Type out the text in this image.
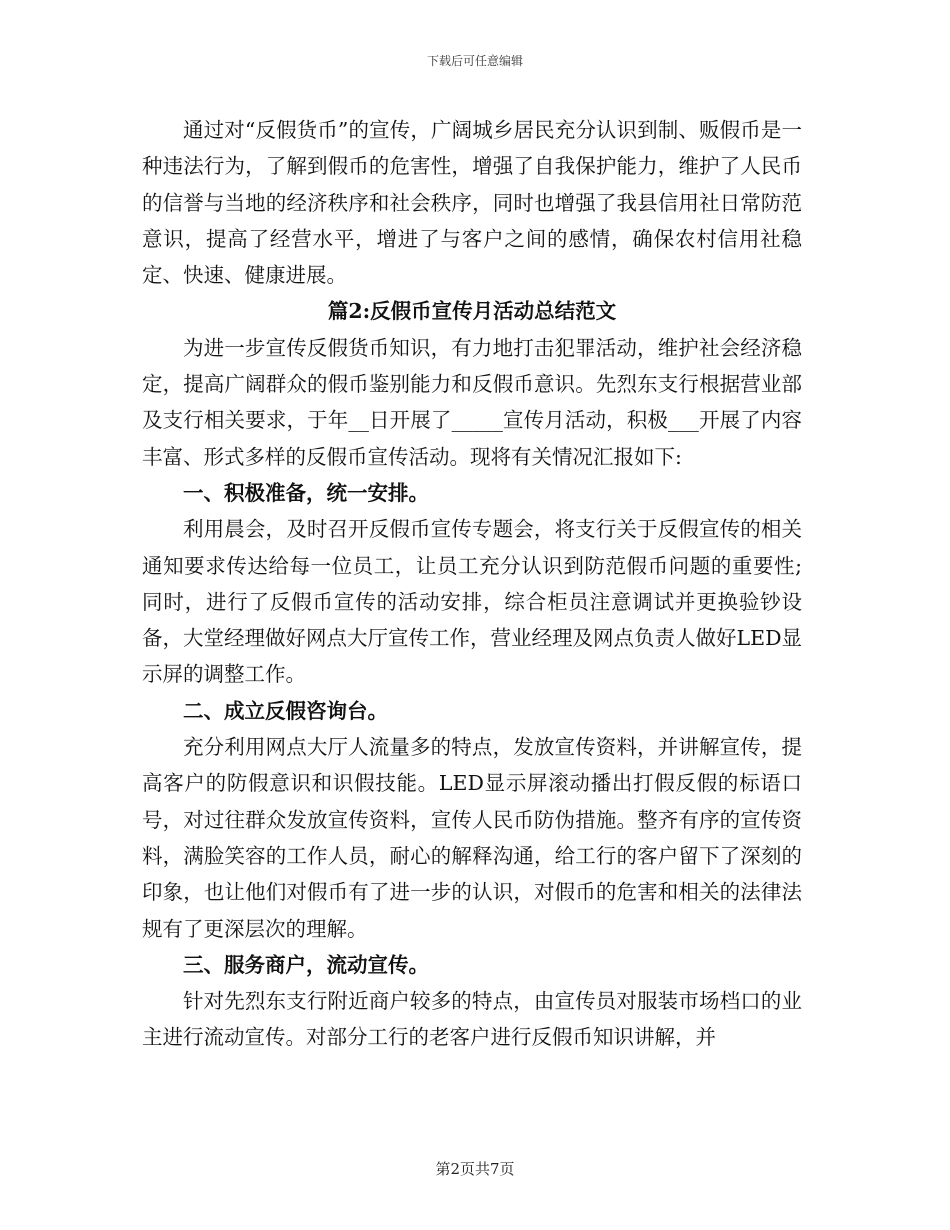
下载后可任意编辑

通过对“反假货币”的宣传，广阔城乡居民充分认识到制、贩假币是一种违法行为，了解到假币的危害性，增强了自我保护能力，维护了人民币的信誉与当地的经济秩序和社会秩序，同时也增强了我县信用社日常防范意识，提高了经营水平，增进了与客户之间的感情，确保农村信用社稳定、快速、健康进展。

篇2:反假币宣传月活动总结范文

为进一步宣传反假货币知识，有力地打击犯罪活动，维护社会经济稳定，提高广阔群众的假币鉴别能力和反假币意识。先烈东支行根据营业部及支行相关要求，于年__日开展了_____宣传月活动，积极___开展了内容丰富、形式多样的反假币宣传活动。现将有关情况汇报如下:

一、积极准备，统一安排。

利用晨会，及时召开反假币宣传专题会，将支行关于反假宣传的相关通知要求传达给每一位员工，让员工充分认识到防范假币问题的重要性;同时，进行了反假币宣传的活动安排，综合柜员注意调试并更换验钞设备，大堂经理做好网点大厅宣传工作，营业经理及网点负责人做好LED显示屏的调整工作。

二、成立反假咨询台。

充分利用网点大厅人流量多的特点，发放宣传资料，并讲解宣传，提高客户的防假意识和识假技能。LED显示屏滚动播出打假反假的标语口号，对过往群众发放宣传资料，宣传人民币防伪措施。整齐有序的宣传资料，满脸笑容的工作人员，耐心的解释沟通，给工行的客户留下了深刻的印象，也让他们对假币有了进一步的认识，对假币的危害和相关的法律法规有了更深层次的理解。

三、服务商户，流动宣传。

针对先烈东支行附近商户较多的特点，由宣传员对服装市场档口的业主进行流动宣传。对部分工行的老客户进行反假币知识讲解，并

第2页共7页
